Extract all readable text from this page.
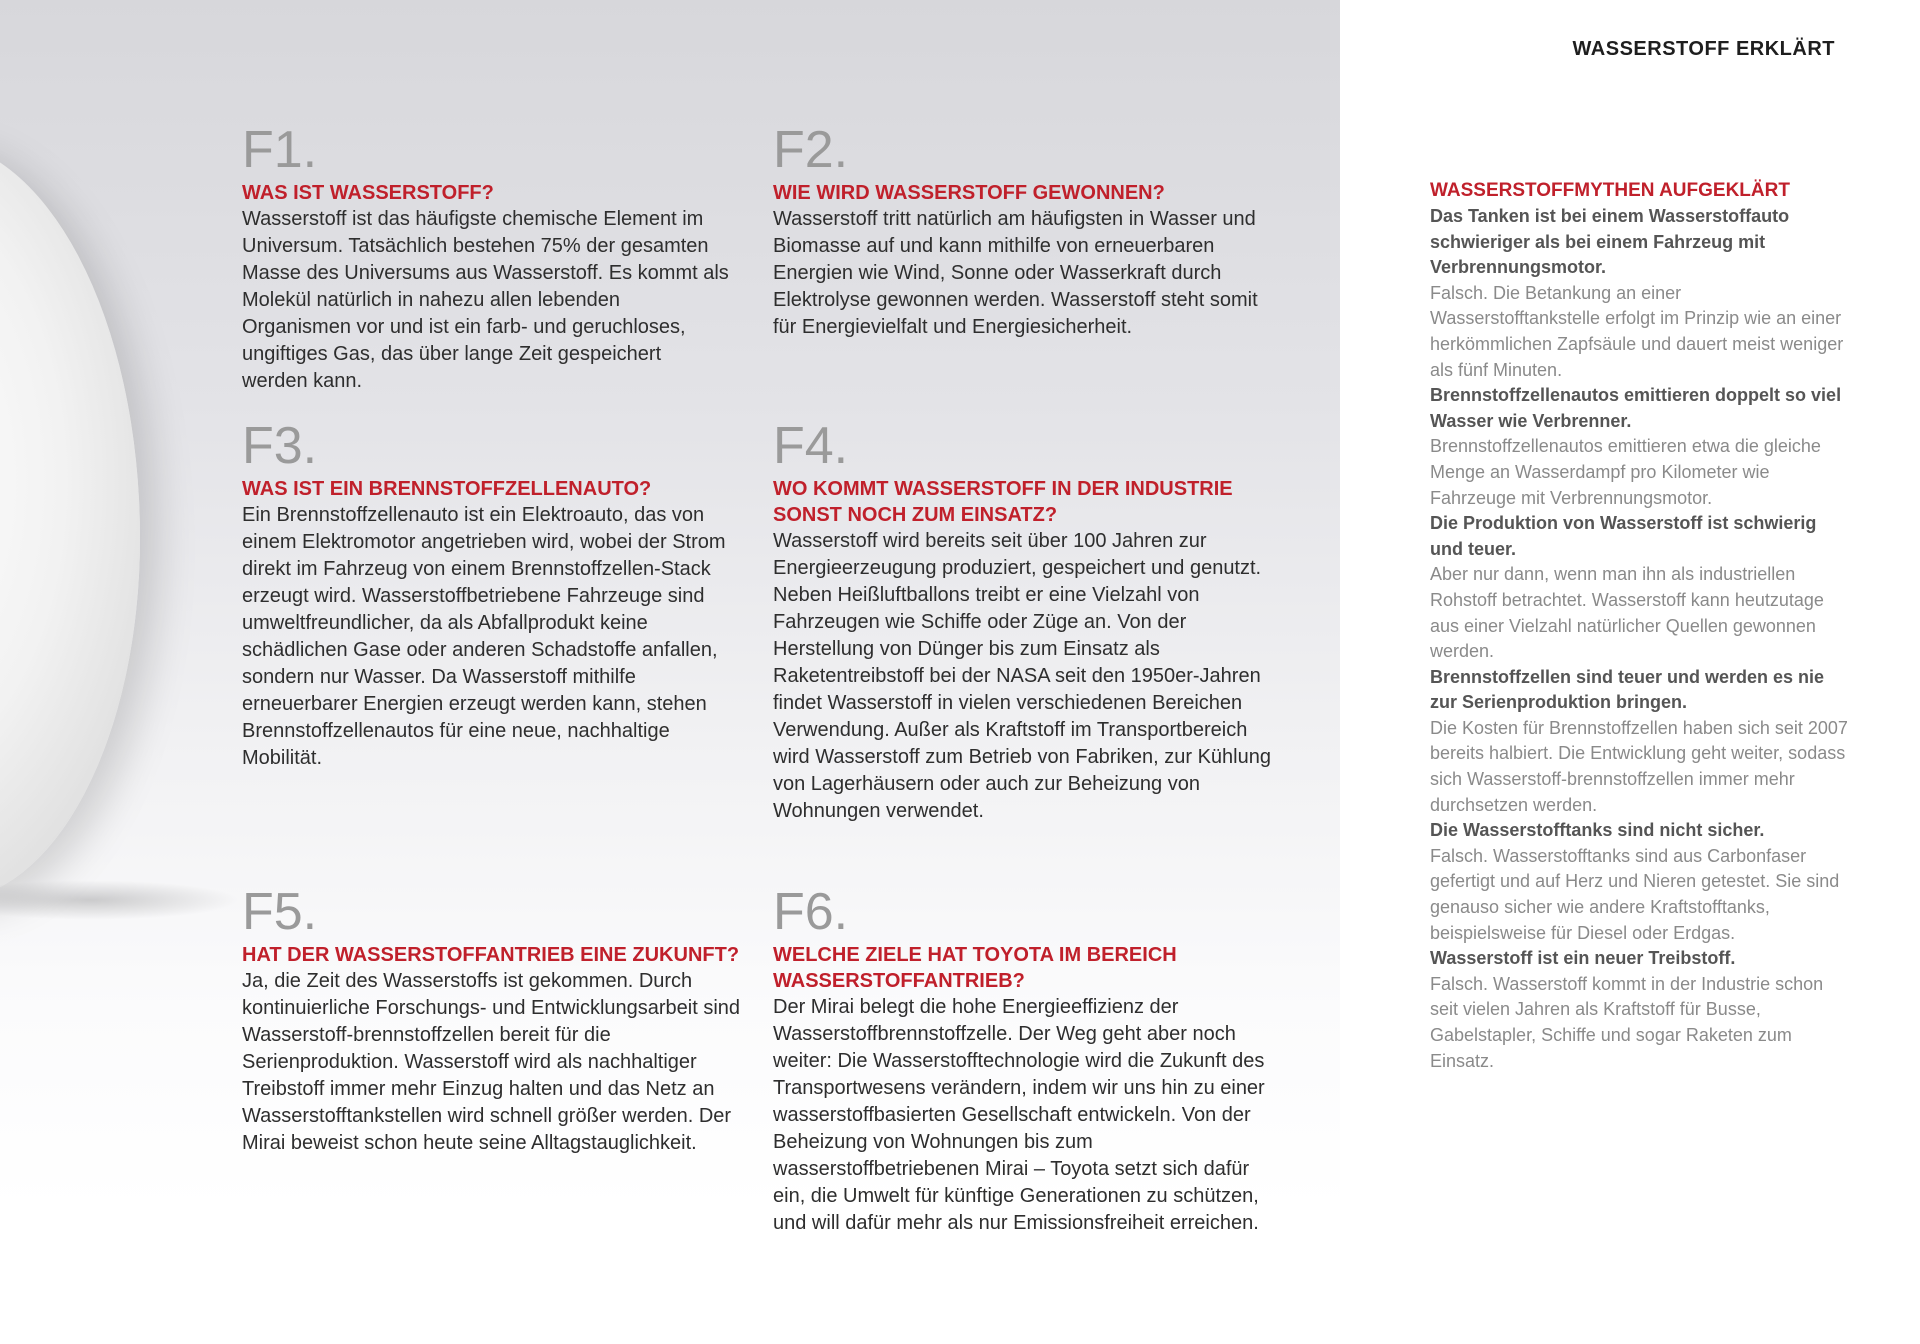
WASSERSTOFF ERKLÄRT

F1.

WAS IST WASSERSTOFF?

Wasserstoff ist das häufigste chemische Element im Universum. Tatsächlich bestehen 75% der gesamten Masse des Universums aus Wasserstoff. Es kommt als Molekül natürlich in nahezu allen lebenden Organismen vor und ist ein farb- und geruchloses, ungiftiges Gas, das über lange Zeit gespeichert werden kann.

F2.

WIE WIRD WASSERSTOFF GEWONNEN?

Wasserstoff tritt natürlich am häufigsten in Wasser und Biomasse auf und kann mithilfe von erneuerbaren Energien wie Wind, Sonne oder Wasserkraft durch Elektrolyse gewonnen werden. Wasserstoff steht somit für Energievielfalt und Energiesicherheit.

F3.

WAS IST EIN BRENNSTOFFZELLENAUTO?

Ein Brennstoffzellenauto ist ein Elektroauto, das von einem Elektromotor angetrieben wird, wobei der Strom direkt im Fahrzeug von einem Brennstoffzellen-Stack erzeugt wird. Wasserstoffbetriebene Fahrzeuge sind umweltfreundlicher, da als Abfallprodukt keine schädlichen Gase oder anderen Schadstoffe anfallen, sondern nur Wasser. Da Wasserstoff mithilfe erneuerbarer Energien erzeugt werden kann, stehen Brennstoffzellenautos für eine neue, nachhaltige Mobilität.

F4.

WO KOMMT WASSERSTOFF IN DER INDUSTRIE SONST NOCH ZUM EINSATZ?

Wasserstoff wird bereits seit über 100 Jahren zur Energieerzeugung produziert, gespeichert und genutzt. Neben Heißluftballons treibt er eine Vielzahl von Fahrzeugen wie Schiffe oder Züge an. Von der Herstellung von Dünger bis zum Einsatz als Raketentreibstoff bei der NASA seit den 1950er-Jahren findet Wasserstoff in vielen verschiedenen Bereichen Verwendung. Außer als Kraftstoff im Transportbereich wird Wasserstoff zum Betrieb von Fabriken, zur Kühlung von Lagerhäusern oder auch zur Beheizung von Wohnungen verwendet.

F5.

HAT DER WASSERSTOFFANTRIEB EINE ZUKUNFT?

Ja, die Zeit des Wasserstoffs ist gekommen. Durch kontinuierliche Forschungs- und Entwicklungsarbeit sind Wasserstoff-brennstoffzellen bereit für die Serienproduktion. Wasserstoff wird als nachhaltiger Treibstoff immer mehr Einzug halten und das Netz an Wasserstofftankstellen wird schnell größer werden. Der Mirai beweist schon heute seine Alltagstauglichkeit.

F6.

WELCHE ZIELE HAT TOYOTA IM BEREICH WASSERSTOFFANTRIEB?

Der Mirai belegt die hohe Energieeffizienz der Wasserstoffbrennstoffzelle. Der Weg geht aber noch weiter: Die Wasserstofftechnologie wird die Zukunft des Transportwesens verändern, indem wir uns hin zu einer wasserstoffbasierten Gesellschaft entwickeln. Von der Beheizung von Wohnungen bis zum wasserstoffbetriebenen Mirai – Toyota setzt sich dafür ein, die Umwelt für künftige Generationen zu schützen, und will dafür mehr als nur Emissionsfreiheit erreichen.

WASSERSTOFFMYTHEN AUFGEKLÄRT

Das Tanken ist bei einem Wasserstoffauto schwieriger als bei einem Fahrzeug mit Verbrennungsmotor.

Falsch. Die Betankung an einer Wasserstofftankstelle erfolgt im Prinzip wie an einer herkömmlichen Zapfsäule und dauert meist weniger als fünf Minuten.

Brennstoffzellenautos emittieren doppelt so viel Wasser wie Verbrenner.

Brennstoffzellenautos emittieren etwa die gleiche Menge an Wasserdampf pro Kilometer wie Fahrzeuge mit Verbrennungsmotor.

Die Produktion von Wasserstoff ist schwierig und teuer.

Aber nur dann, wenn man ihn als industriellen Rohstoff betrachtet. Wasserstoff kann heutzutage aus einer Vielzahl natürlicher Quellen gewonnen werden.

Brennstoffzellen sind teuer und werden es nie zur Serienproduktion bringen.

Die Kosten für Brennstoffzellen haben sich seit 2007 bereits halbiert. Die Entwicklung geht weiter, sodass sich Wasserstoff-brennstoffzellen immer mehr durchsetzen werden.

Die Wasserstofftanks sind nicht sicher.

Falsch. Wasserstofftanks sind aus Carbonfaser gefertigt und auf Herz und Nieren getestet. Sie sind genauso sicher wie andere Kraftstofftanks, beispielsweise für Diesel oder Erdgas.

Wasserstoff ist ein neuer Treibstoff.

Falsch. Wasserstoff kommt in der Industrie schon seit vielen Jahren als Kraftstoff für Busse, Gabelstapler, Schiffe und sogar Raketen zum Einsatz.
